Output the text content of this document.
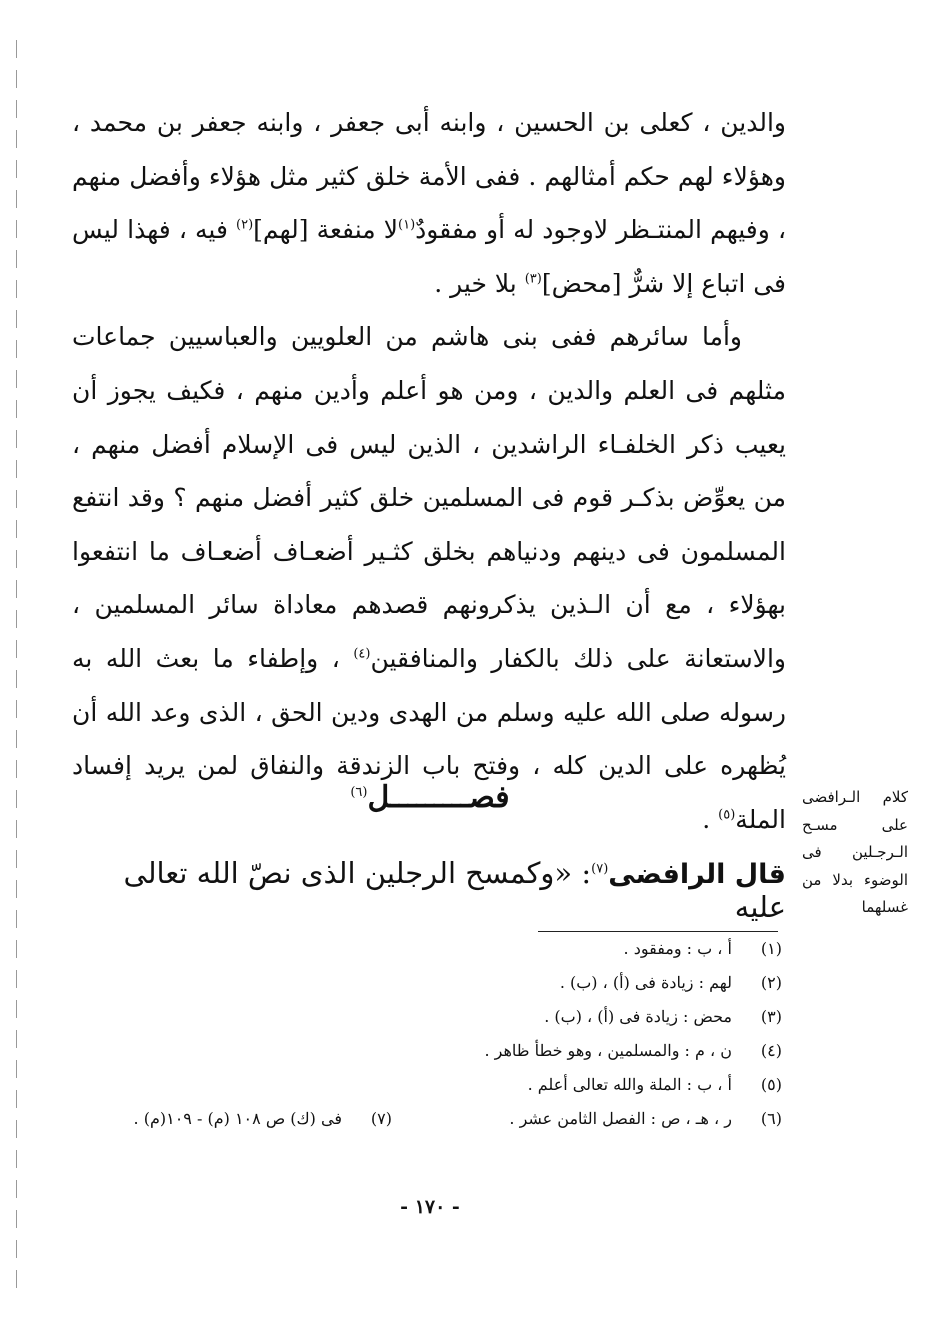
والدين ، كعلى بن الحسين ، وابنه أبى جعفر ، وابنه جعفر بن محمد ، وهؤلاء لهم حكم أمثالهم . ففى الأمة خلق كثير مثل هؤلاء وأفضل منهم ، وفيهم المنتـظر لاوجود له أو مفقودٌ$^{(١)}$لا منفعة [لهم]$^{(٢)}$ فيه ، فهذا ليس فى اتباع إلا شرٌّ [محض]$^{(٣)}$ بلا خير .

وأما سائرهم ففى بنى هاشم من العلويين والعباسيين جماعات مثلهم فى العلم والدين ، ومن هو أعلم وأدين منهم ، فكيف يجوز أن يعيب ذكر الخلفـاء الراشدين ، الذين ليس فى الإسلام أفضل منهم ، من يعوِّض بذكـر قوم فى المسلمين خلق كثير أفضل منهم ؟ وقد انتفع المسلمون فى دينهم ودنياهم بخلق كثـير أضعـاف أضعـاف ما انتفعوا بهؤلاء ، مع أن الـذين يذكرونهم قصدهم معاداة سائر المسلمين ، والاستعانة على ذلك بالكفار والمنافقين$^{(٤)}$ ، وإطفاء ما بعث الله به رسوله صلى الله عليه وسلم من الهدى ودين الحق ، الذى وعد الله أن يُظهره على الدين كله ، وفتح باب الزندقة والنفاق لمن يريد إفساد الملة$^{(٥)}$ .

فصـــــــــل$^{(٦)}$	كلام الـرافضى على مسـح الـرجـلين فى الوضوء بدلا من غسلهما
قال الرافضى$^{(٧)}$: «وكمسح الرجلين الذى نصّ الله تعالى عليه
(١)
أ ، ب : ومفقود .
(٢)
لهم : زيادة فى (أ) ، (ب) .
(٣)
محض : زيادة فى (أ) ، (ب) .
(٤)
ن ، م : والمسلمين ، وهو خطأ ظاهر .
(٥)
أ ، ب : الملة والله تعالى أعلم .
(٦)
ر ، هـ ، ص : الفصل الثامن عشر .
(٧)
فى (ك) ص ١٠٨ (م) - ١٠٩(م) .
- ١٧٠ -
